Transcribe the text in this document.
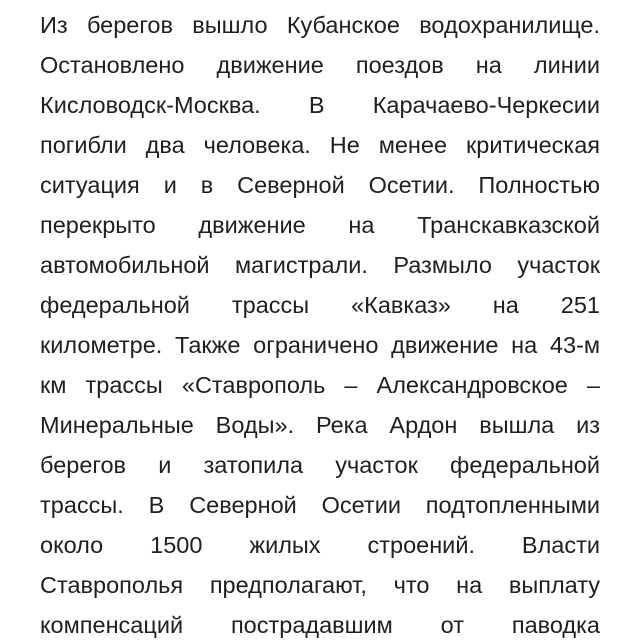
Из берегов вышло Кубанское водохранилище.
Остановлено движение поездов на линии
Кисловодск-Москва. В Карачаево-Черкесии
погибли два человека. Не менее критическая
ситуация и в Северной Осетии. Полностью
перекрыто движение на Транскавказской
автомобильной магистрали. Размыло участок
федеральной трассы «Кавказ» на 251
километре. Также ограничено движение на 43-м
км трассы «Ставрополь – Александровское –
Минеральные Воды». Река Ардон вышла из
берегов и затопила участок федеральной
трассы. В Северной Осетии подтопленными
около 1500 жилых строений. Власти
Ставрополья предполагают, что на выплату
компенсаций пострадавшим от паводка
